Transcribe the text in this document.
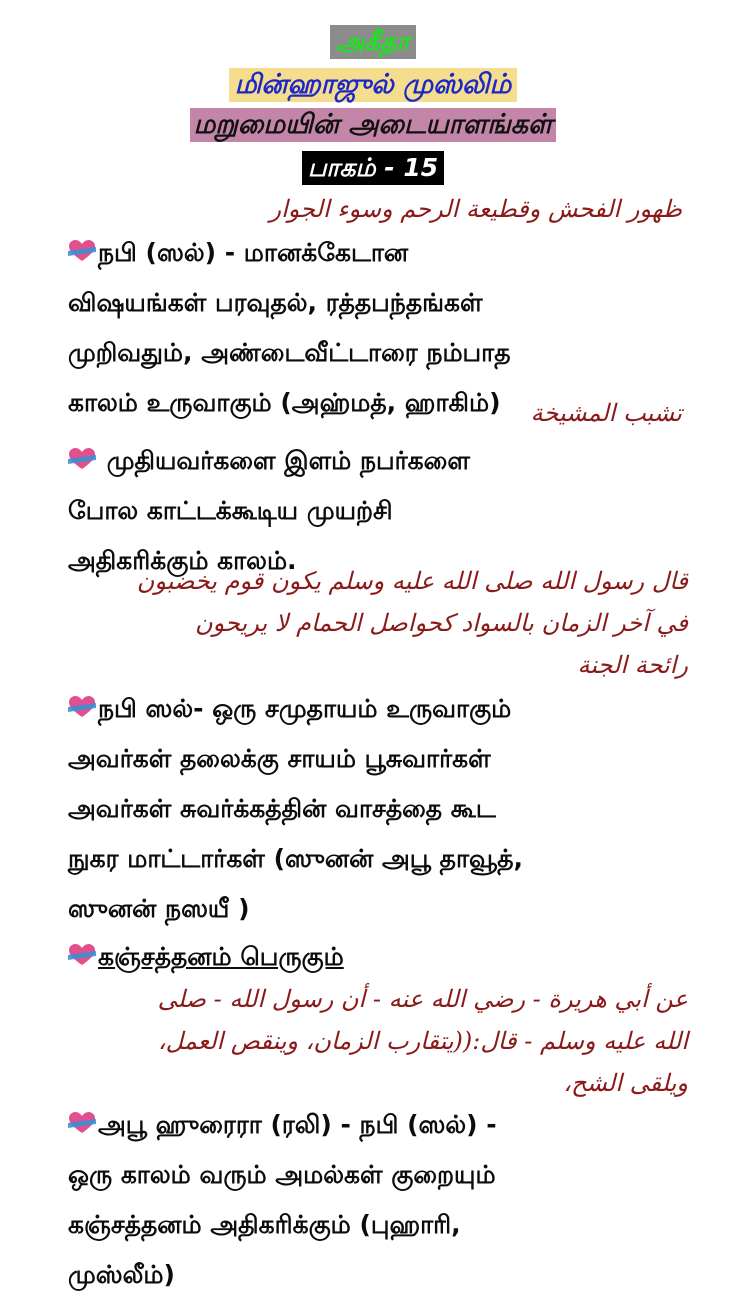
அகீதா
மின்ஹாஜுல் முஸ்லிம்
மறுமையின் அடையாளங்கள்
பாகம் - 15
ظهور الفحش وقطيعة الرحم وسوء الجوار
நபி (ஸல்) - மானக்கேடான
விஷயங்கள் பரவுதல், ரத்தபந்தங்கள்
முறிவதும், அண்டைவீட்டாரை நம்பாத
காலம் உருவாகும் (அஹ்மத், ஹாகிம்)	تشبب المشيخة
முதியவர்களை இளம் நபர்களை
போல காட்டக்கூடிய முயற்சி
அதிகரிக்கும் காலம்.
قال رسول الله صلى الله عليه وسلم يكون قوم يخضبون
في آخر الزمان بالسواد كحواصل الحمام لا يريحون
رائحة الجنة
நபி ஸல்- ஒரு சமுதாயம் உருவாகும்
அவர்கள் தலைக்கு சாயம் பூசுவார்கள்
அவர்கள் சுவர்க்கத்தின் வாசத்தை கூட
நுகர மாட்டார்கள் (ஸுனன் அபூ தாவூத்,
ஸுனன் நஸயீ )
கஞ்சத்தனம் பெருகும்
عن أبي هريرة - رضي الله عنه - أن رسول الله - صلى
الله عليه وسلم - قال:((يتقارب الزمان، وينقص العمل،
ويلقى الشح،
அபூ ஹுரைரா (ரலி) - நபி (ஸல்) -
ஒரு காலம் வரும் அமல்கள் குறையும்
கஞ்சத்தனம் அதிகரிக்கும் (புஹாரி,
முஸ்லீம்)
